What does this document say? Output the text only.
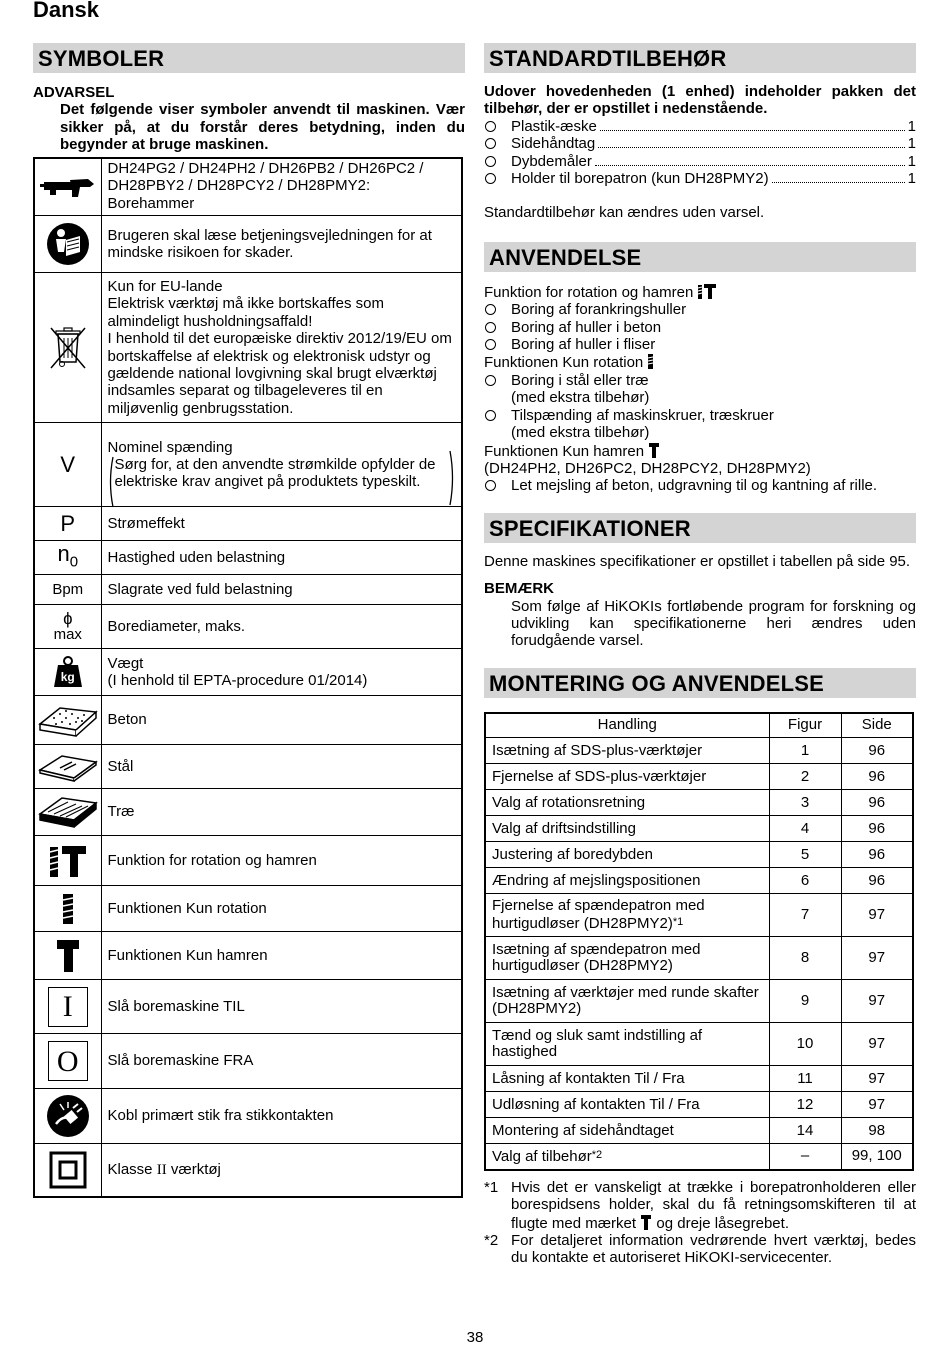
Dansk
SYMBOLER
ADVARSEL
Det følgende viser symboler anvendt til maskinen. Vær sikker på, at du forstår deres betydning, inden du begynder at bruge maskinen.

DH24PG2 / DH24PH2 / DH26PB2 / DH26PC2 / DH28PBY2 / DH28PCY2 / DH28PMY2:
Borehammer

	Brugeren skal læse betjeningsvejledningen for at mindske risikoen for skader.

Kun for EU-lande
Elektrisk værktøj må ikke bortskaffes som almindeligt husholdningsaffald!
I henhold til det europæiske direktiv 2012/19/EU om bortskaffelse af elektrisk og elektronisk udstyr og gældende national lovgivning skal brugt elværktøj indsamles separat og tilbageleveres til en miljøvenlig genbrugsstation.

V	Nominel spænding
Sørg for, at den anvendte strømkilde opfylder de elektriske krav angivet på produktets typeskilt.

P	Strømeffekt
$n_0$	Hastighed uden belastning
Bpm	Slagrate ved fuld belastning

ɸ
max	Borediameter, maks.

kg	Vægt
(I henhold til EPTA-procedure 01/2014)

	Beton

	Stål

	Træ

	Funktion for rotation og hamren

	Funktionen Kun rotation

	Funktionen Kun hamren

I	Slå boremaskine TIL

O	Slå boremaskine FRA

	Kobl primært stik fra stikkontakten

	Klasse II værktøj
STANDARDTILBEHØR
Udover hovedenheden (1 enhed) indeholder pakken det tilbehør, der er opstillet i nedenstående.
Plastik-æske	1
Sidehåndtag	1
Dybdemåler	1
Holder til borepatron (kun DH28PMY2)	1
Standardtilbehør kan ændres uden varsel.
ANVENDELSE
Funktion for rotation og hamren
Boring af forankringshuller
Boring af huller i beton
Boring af huller i fliser
Funktionen Kun rotation
Boring i stål eller træ
(med ekstra tilbehør)
Tilspænding af maskinskruer, træskruer
(med ekstra tilbehør)
Funktionen Kun hamren
(DH24PH2, DH26PC2, DH28PCY2, DH28PMY2)
Let mejsling af beton, udgravning til og kantning af rille.
SPECIFIKATIONER
Denne maskines specifikationer er opstillet i tabellen på side 95.
BEMÆRK
Som følge af HiKOKIs fortløbende program for forskning og udvikling kan specifikationerne heri ændres uden forudgående varsel.
MONTERING OG ANVENDELSE
Handling	Figur	Side
Isætning af SDS-plus-værktøjer	1	96
Fjernelse af SDS-plus-værktøjer	2	96
Valg af rotationsretning	3	96
Valg af driftsindstilling	4	96
Justering af boredybden	5	96
Ændring af mejslingspositionen	6	96
Fjernelse af spændepatron med hurtigudløser $(DH28PMY2)^{*1}$	7	97
Isætning af spændepatron med hurtigudløser (DH28PMY2)	8	97
Isætning af værktøjer med runde skafter (DH28PMY2)	9	97
Tænd og sluk samt indstilling af hastighed	10	97
Låsning af kontakten Til / Fra	11	97
Udløsning af kontakten Til / Fra	12	97
Montering af sidehåndtaget	14	98
Valg af tilbehør$^{*2}$	–	99, 100
*1 Hvis det er vanskeligt at trække i borepatronholderen eller borespidsens holder, skal du få retningsomskifteren til at flugte med mærket og dreje låsegrebet.
*2 For detaljeret information vedrørende hvert værktøj, bedes du kontakte et autoriseret HiKOKI-servicecenter.
38
